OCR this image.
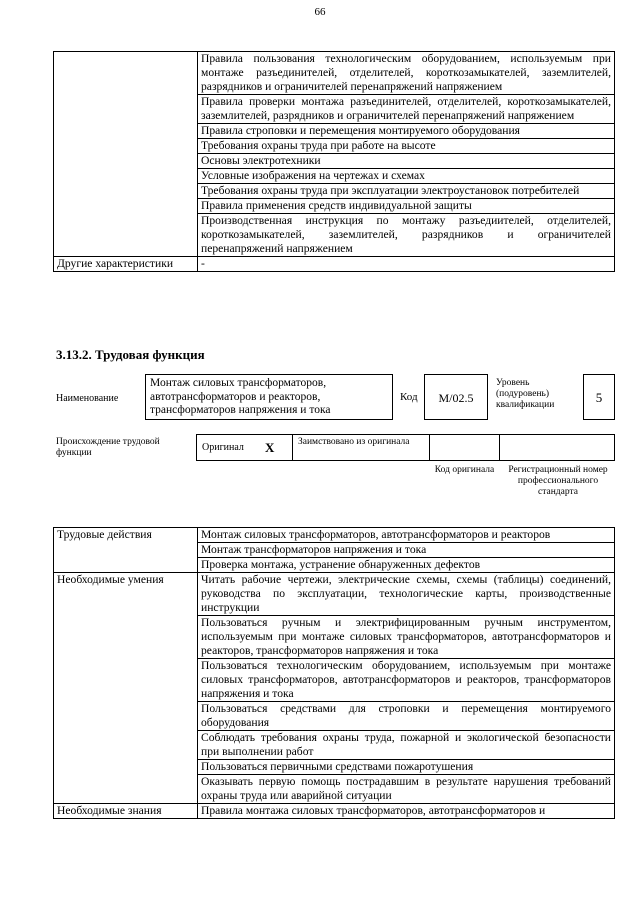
66
	Правила пользования технологическим оборудованием, используемым при монтаже разъединителей, отделителей, короткозамыкателей, заземлителей, разрядников и ограничителей перенапряжений напряжением
	Правила проверки монтажа разъединителей, отделителей, короткозамыкателей, заземлителей, разрядников и ограничителей перенапряжений напряжением
	Правила строповки и перемещения монтируемого оборудования
	Требования охраны труда при работе на высоте
	Основы электротехники
	Условные изображения на чертежах и схемах
	Требования охраны труда при эксплуатации электроустановок потребителей
	Правила применения средств индивидуальной защиты
	Производственная инструкция по монтажу разъедиителей, отделителей, короткозамыкателей, заземлителей, разрядников и ограничителей перенапряжений напряжением
Другие характеристики	-
3.13.2. Трудовая функция
Наименование
Монтаж силовых трансформаторов, автотрансформаторов и реакторов, трансформаторов напряжения и тока
Код	М/02.5
Уровень (подуровень) квалификации	5
Происхождение трудовой функции	Оригинал X Заимствовано из оригинала
Код оригинала	Регистрационный номер профессионального стандарта
Трудовые действия	Монтаж силовых трансформаторов, автотрансформаторов и реакторов
	Монтаж трансформаторов напряжения и тока
	Проверка монтажа, устранение обнаруженных дефектов
Необходимые умения	Читать рабочие чертежи, электрические схемы, схемы (таблицы) соединений, руководства по эксплуатации, технологические карты, производственные инструкции
	Пользоваться ручным и электрифицированным ручным инструментом, используемым при монтаже силовых трансформаторов, автотрансформаторов и реакторов, трансформаторов напряжения и тока
	Пользоваться технологическим оборудованием, используемым при монтаже силовых трансформаторов, автотрансформаторов и реакторов, трансформаторов напряжения и тока
	Пользоваться средствами для строповки и перемещения монтируемого оборудования
	Соблюдать требования охраны труда, пожарной и экологической безопасности при выполнении работ
	Пользоваться первичными средствами пожаротушения
	Оказывать первую помощь пострадавшим в результате нарушения требований охраны труда или аварийной ситуации
Необходимые знания	Правила монтажа силовых трансформаторов, автотрансформаторов и
